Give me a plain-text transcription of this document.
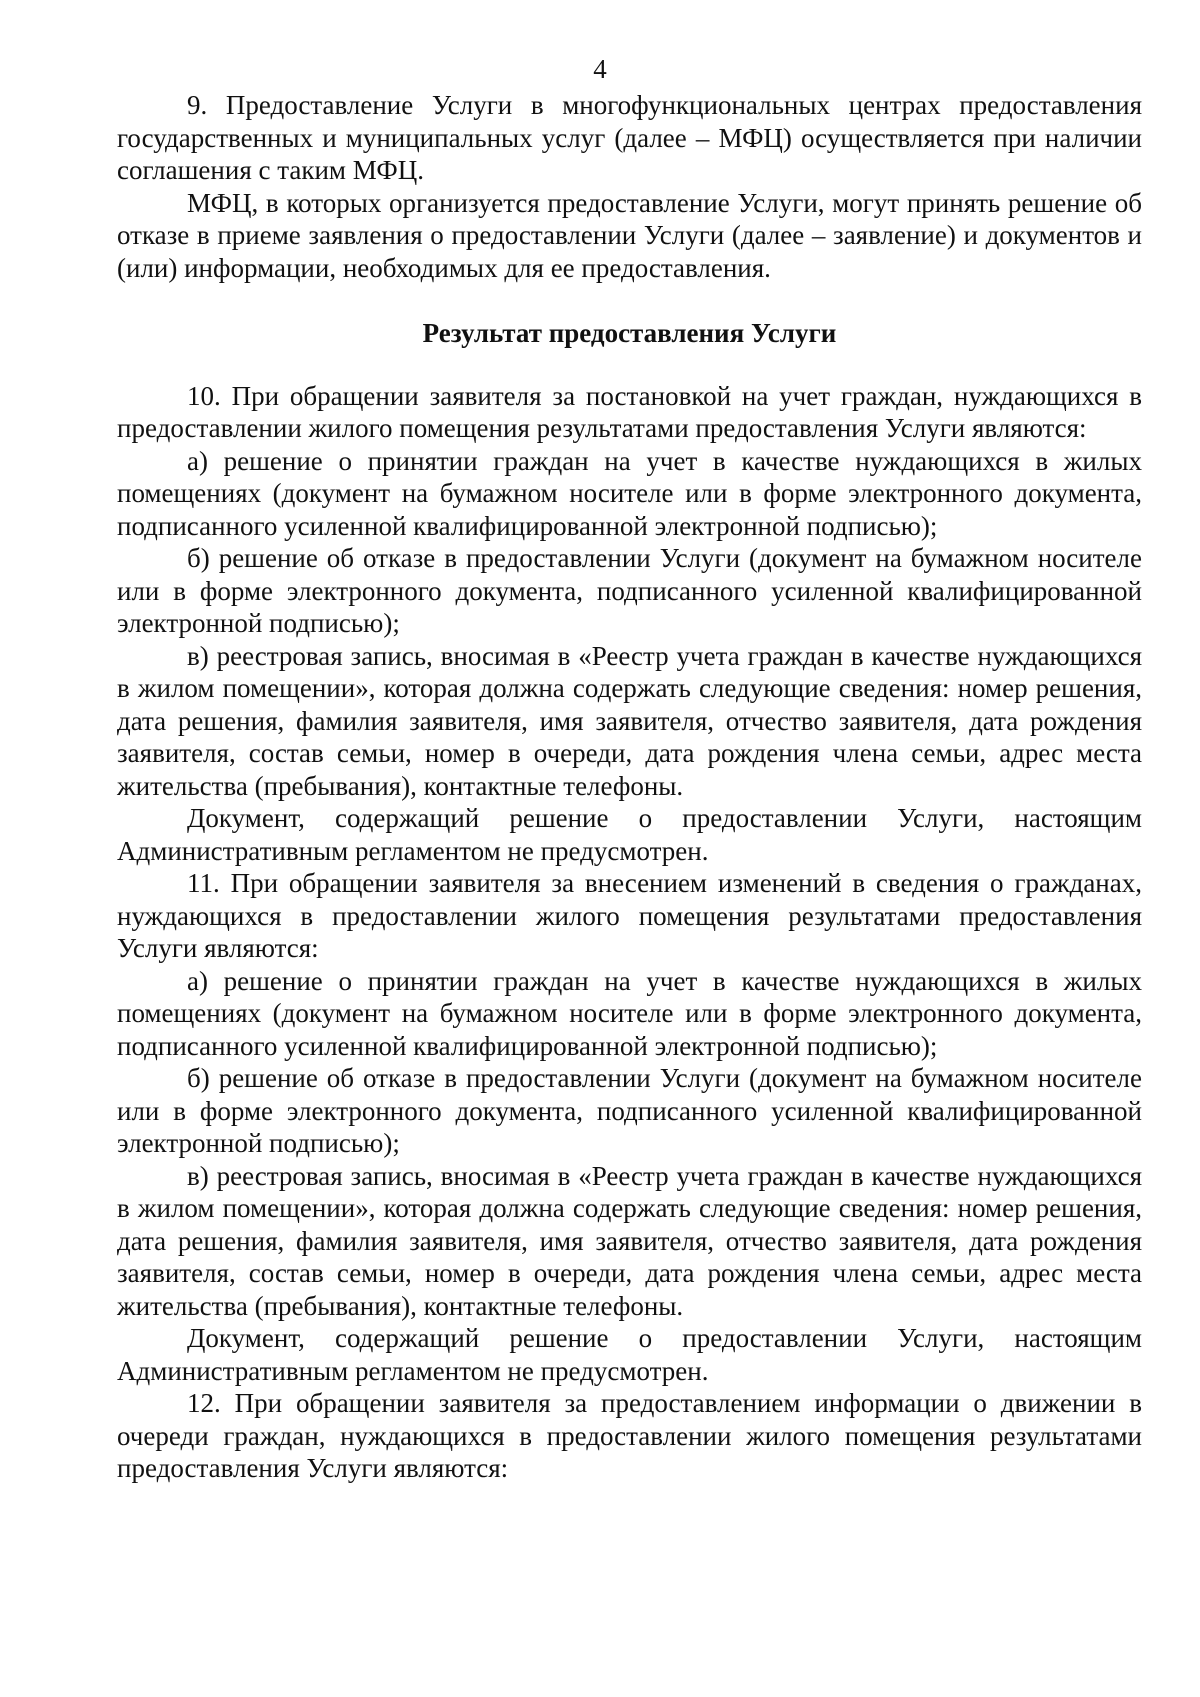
4

9. Предоставление Услуги в многофункциональных центрах предоставления государственных и муниципальных услуг (далее – МФЦ) осуществляется при наличии соглашения с таким МФЦ.

МФЦ, в которых организуется предоставление Услуги, могут принять решение об отказе в приеме заявления о предоставлении Услуги (далее – заявление) и документов и (или) информации, необходимых для ее предоставления.

Результат предоставления Услуги

10. При обращении заявителя за постановкой на учет граждан, нуждающихся в предоставлении жилого помещения результатами предоставления Услуги являются:

а) решение о принятии граждан на учет в качестве нуждающихся в жилых помещениях (документ на бумажном носителе или в форме электронного документа, подписанного усиленной квалифицированной электронной подписью);

б) решение об отказе в предоставлении Услуги (документ на бумажном носителе или в форме электронного документа, подписанного усиленной квалифицированной электронной подписью);

в) реестровая запись, вносимая в «Реестр учета граждан в качестве нуждающихся в жилом помещении», которая должна содержать следующие сведения: номер решения, дата решения, фамилия заявителя, имя заявителя, отчество заявителя, дата рождения заявителя, состав семьи, номер в очереди, дата рождения члена семьи, адрес места жительства (пребывания), контактные телефоны.

Документ, содержащий решение о предоставлении Услуги, настоящим Административным регламентом не предусмотрен.

11. При обращении заявителя за внесением изменений в сведения о гражданах, нуждающихся в предоставлении жилого помещения результатами предоставления Услуги являются:

а) решение о принятии граждан на учет в качестве нуждающихся в жилых помещениях (документ на бумажном носителе или в форме электронного документа, подписанного усиленной квалифицированной электронной подписью);

б) решение об отказе в предоставлении Услуги (документ на бумажном носителе или в форме электронного документа, подписанного усиленной квалифицированной электронной подписью);

в) реестровая запись, вносимая в «Реестр учета граждан в качестве нуждающихся в жилом помещении», которая должна содержать следующие сведения: номер решения, дата решения, фамилия заявителя, имя заявителя, отчество заявителя, дата рождения заявителя, состав семьи, номер в очереди, дата рождения члена семьи, адрес места жительства (пребывания), контактные телефоны.

Документ, содержащий решение о предоставлении Услуги, настоящим Административным регламентом не предусмотрен.

12. При обращении заявителя за предоставлением информации о движении в очереди граждан, нуждающихся в предоставлении жилого помещения результатами предоставления Услуги являются:
